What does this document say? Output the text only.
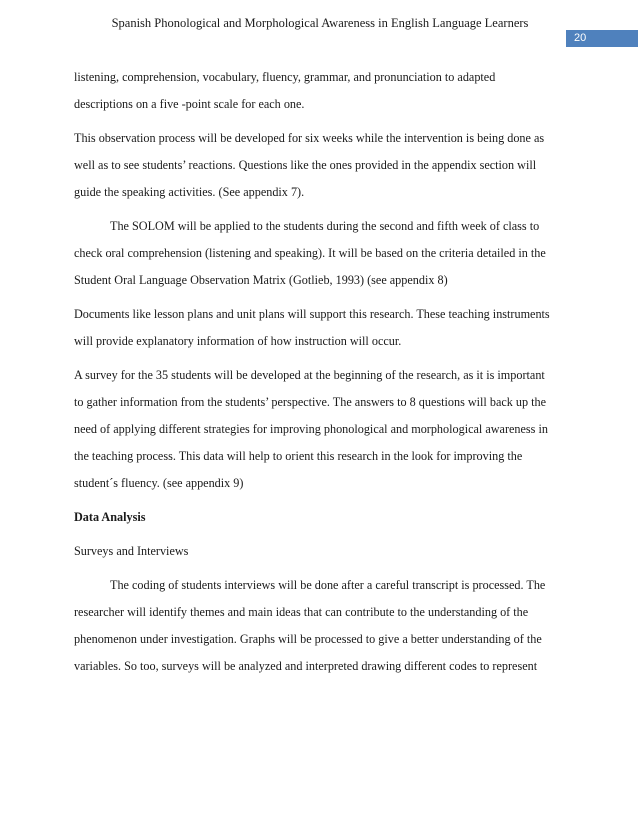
Spanish Phonological and Morphological Awareness in English Language Learners
20
listening, comprehension, vocabulary, fluency, grammar, and pronunciation to adapted
descriptions on a five -point scale for each one.
This observation process will be developed for six weeks while the intervention is being done as
well as to see students’ reactions. Questions like the ones provided in the appendix section will
guide the speaking activities. (See appendix 7).
The SOLOM will be applied to the students during the second and fifth week of class to
check oral comprehension (listening and speaking). It will be based on the criteria detailed in the
Student Oral Language Observation Matrix (Gotlieb, 1993) (see appendix 8)
Documents like lesson plans and unit plans will support this research. These teaching instruments
will provide explanatory information of how instruction will occur.
A survey for the 35 students will be developed at the beginning of the research, as it is important
to gather information from the students’ perspective. The answers to 8 questions will back up the
need of applying different strategies for improving phonological and morphological awareness in
the teaching process. This data will help to orient this research in the look for improving the
student´s fluency. (see appendix 9)
Data Analysis
Surveys and Interviews
The coding of students interviews will be done after a careful transcript is processed. The
researcher will identify themes and main ideas that can contribute to the understanding of the
phenomenon under investigation. Graphs will be processed to give a better understanding of the
variables. So too, surveys will be analyzed and interpreted drawing different codes to represent
